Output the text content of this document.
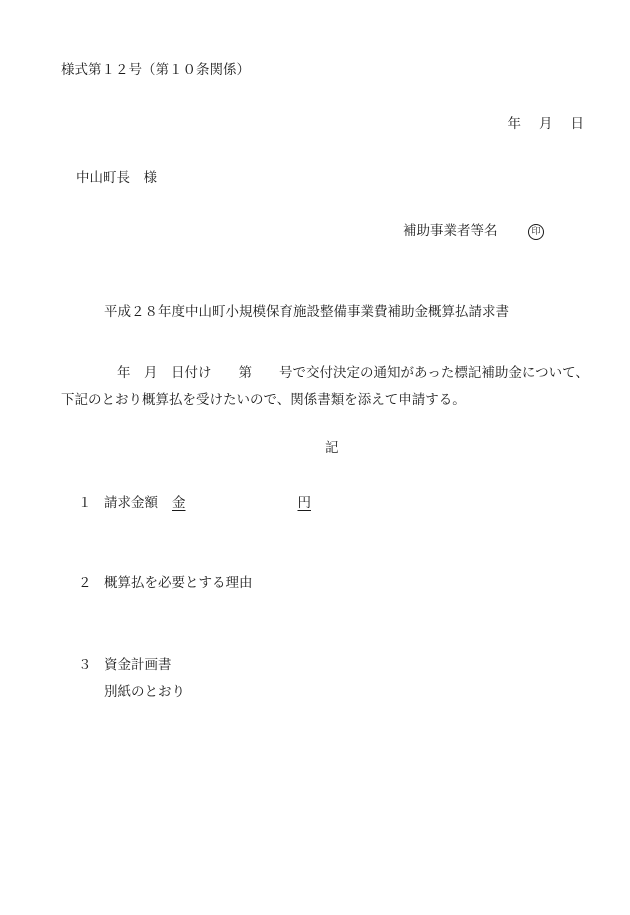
様式第１２号（第１０条関係）
年 月 日
中山町長　様
補助事業者等名	印
平成２８年度中山町小規模保育施設整備事業費補助金概算払請求書
年　月　日付け　　第　　号で交付決定の通知があった標記補助金について、下記のとおり概算払を受けたいので、関係書類を添えて申請する。
記
１ 請求金額 金	円
２ 概算払を必要とする理由
３ 資金計画書
別紙のとおり
